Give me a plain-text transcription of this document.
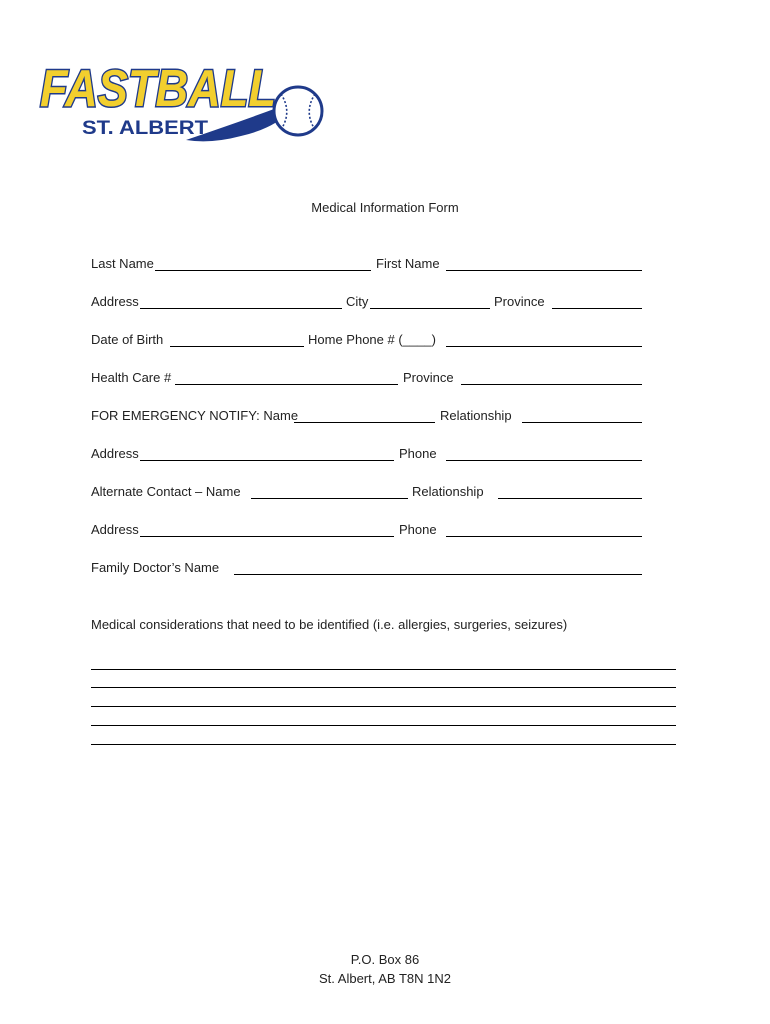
FASTBALL
ST. ALBERT
Medical Information Form
Last Name	First Name
Address	City	Province
Date of Birth	Home Phone # (____)
Health Care #	Province
FOR EMERGENCY NOTIFY: Name	Relationship
Address	Phone
Alternate Contact – Name	Relationship
Address	Phone
Family Doctor’s Name
Medical considerations that need to be identified (i.e. allergies, surgeries, seizures)
P.O. Box 86
St. Albert, AB T8N 1N2
